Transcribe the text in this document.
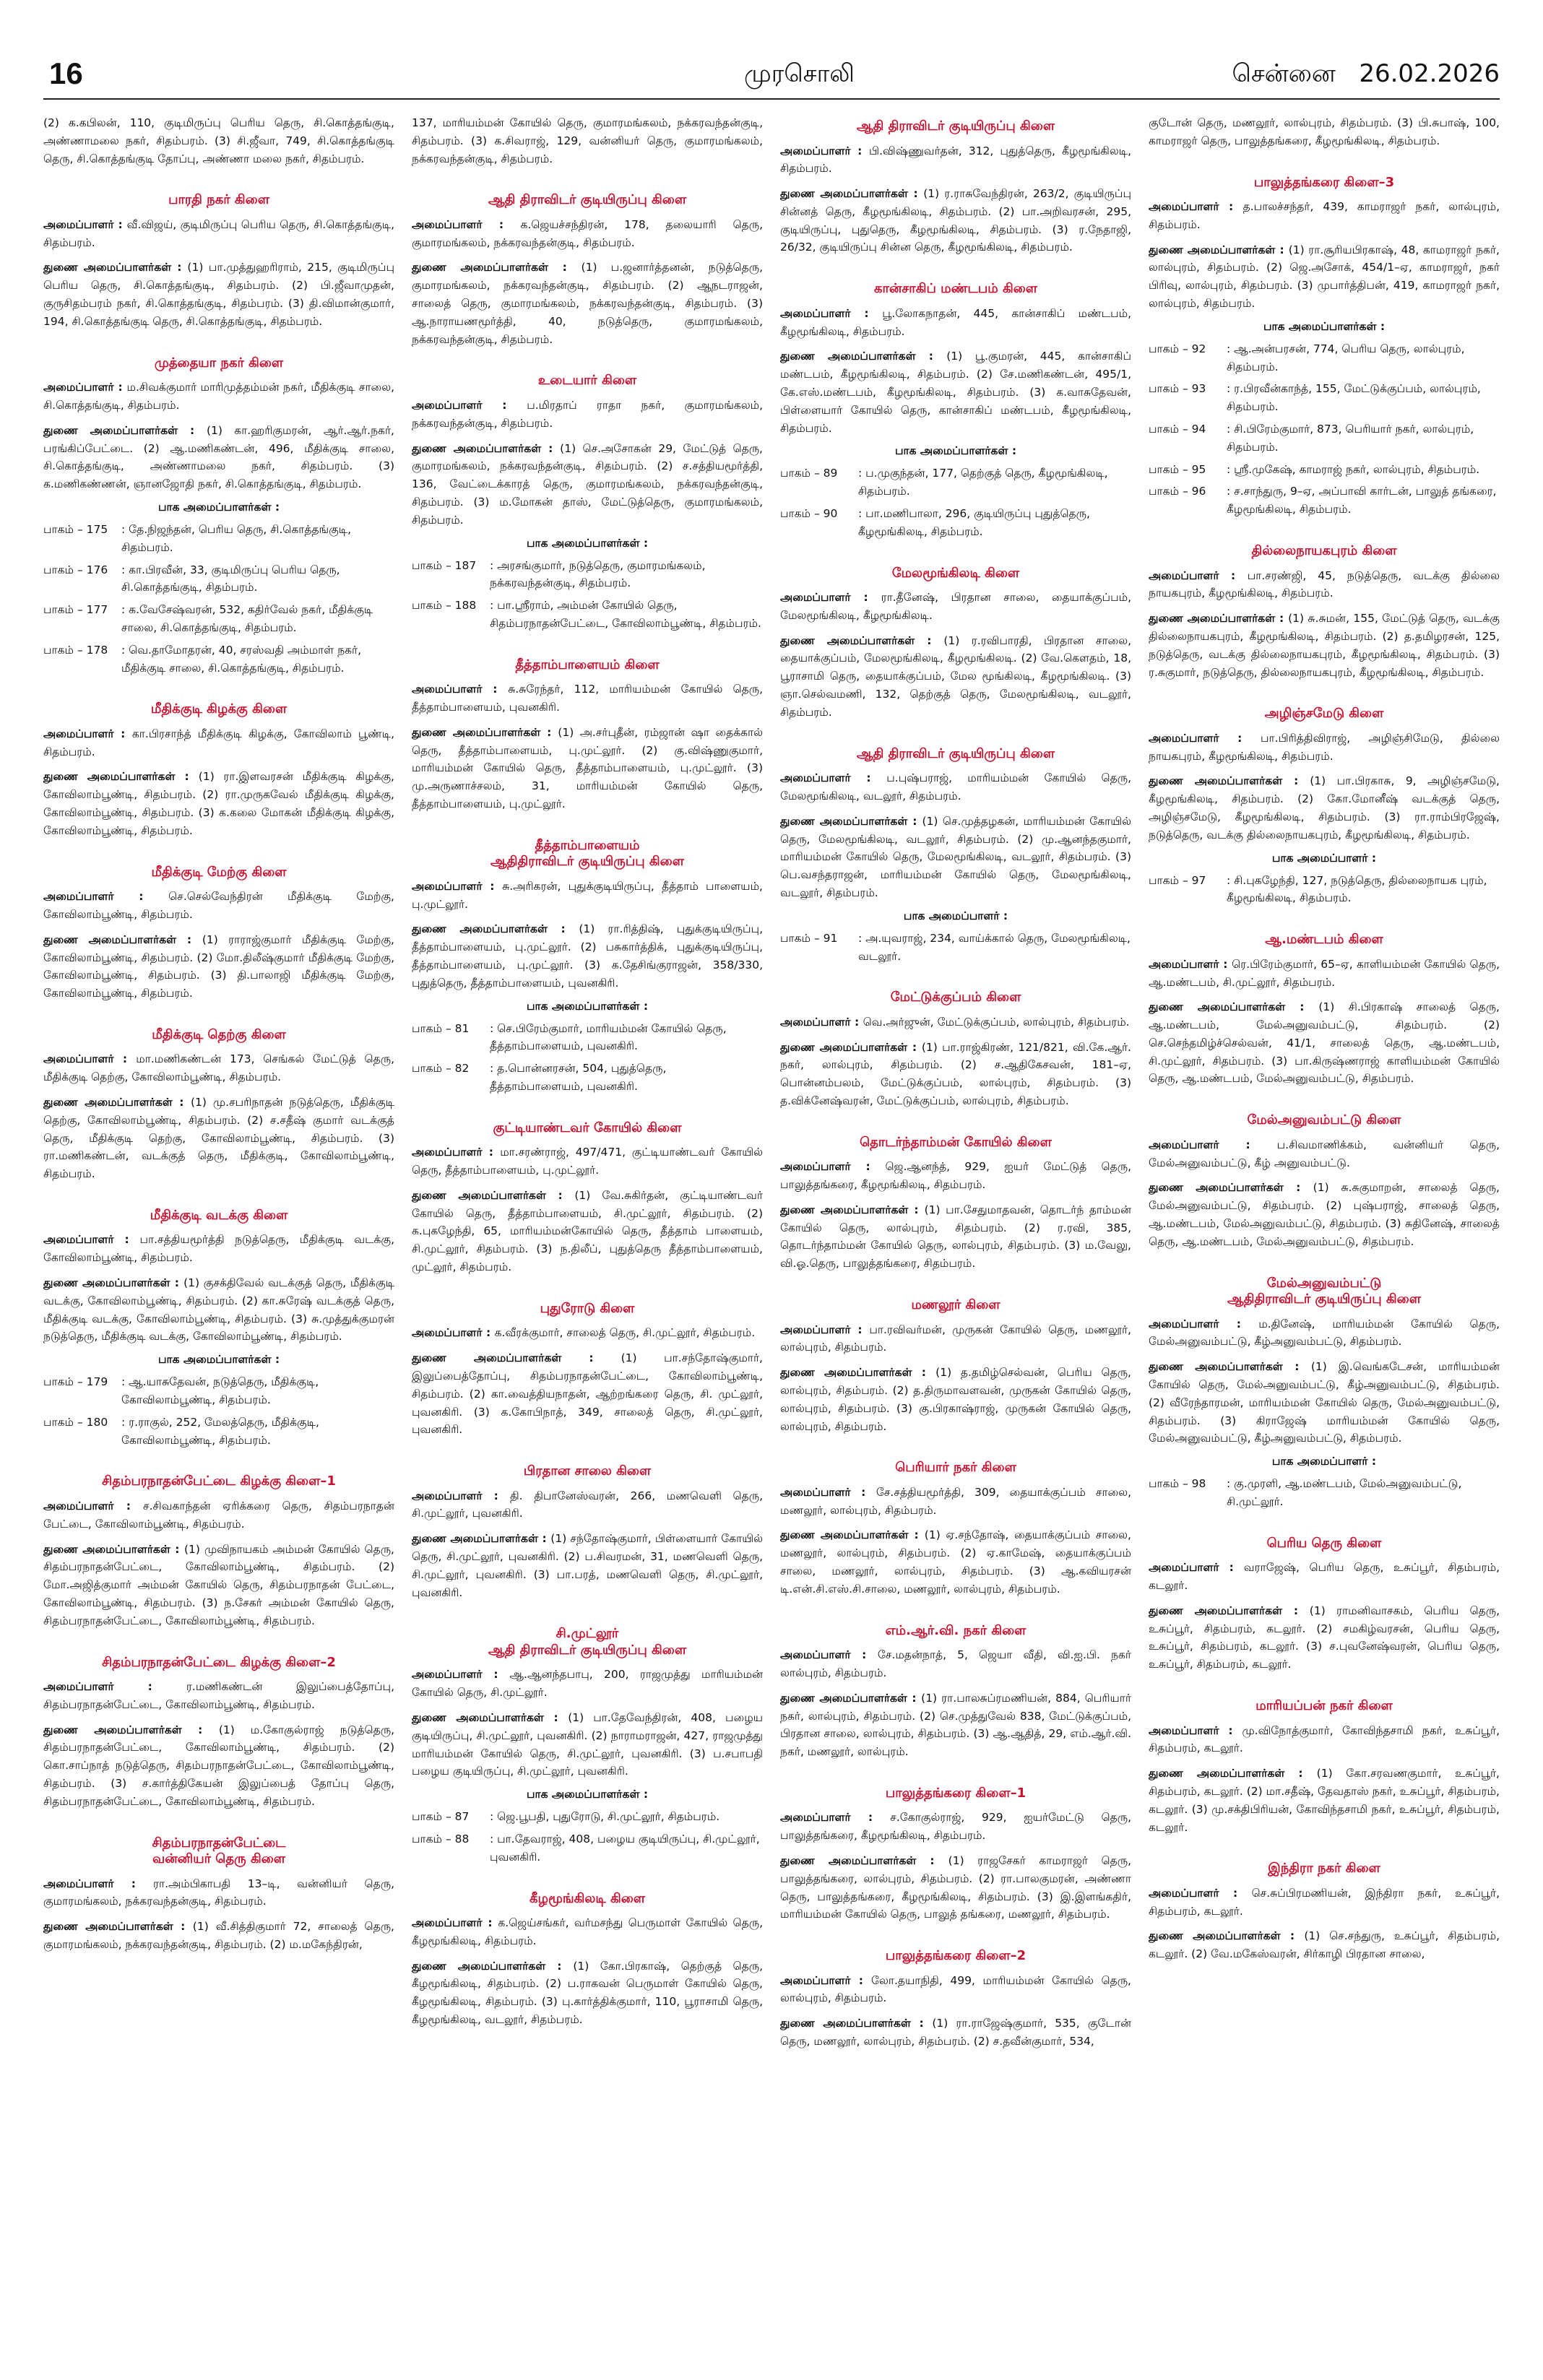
16	முரசொலி	சென்னை 26.02.2026

(2) க.கபிலன், 110, குடிமிருப்பு பெரிய தெரு, சி.கொத்தங்குடி, அண்ணாமலை நகர், சிதம்பரம். (3) சி.ஜீவா, 749, சி.கொத்தங்குடி தெரு, சி.கொத்தங்குடி தோப்பு, அண்ணா மலை நகர், சிதம்பரம்.

பாரதி நகர் கிளை

அமைப்பாளர் : வீ.விஜய், குடிமிருப்பு பெரிய தெரு, சி.கொத்தங்குடி, சிதம்பரம்.

துணை அமைப்பாளர்கள் : (1) பா.முத்துஹரிராம், 215, குடிமிருப்பு பெரிய தெரு, சி.கொத்தங்குடி, சிதம்பரம். (2) பி.ஜீவாமுதன், குருசிதம்பரம் நகர், சி.கொத்தங்குடி, சிதம்பரம். (3) தி.விமான்குமார், 194, சி.கொத்தங்குடி தெரு, சி.கொத்தங்குடி, சிதம்பரம்.

முத்தையா நகர் கிளை

அமைப்பாளர் : ம.சிவக்குமார் மாரிமுத்தம்மன் நகர், மீதிக்குடி சாலை, சி.கொத்தங்குடி, சிதம்பரம்.

துணை அமைப்பாளர்கள் : (1) கா.ஹரிகுமரன், ஆர்.ஆர்.நகர், பரங்கிப்பேட்டை. (2) ஆ.மணிகண்டன், 496, மீதிக்குடி சாலை, சி.கொத்தங்குடி, அண்ணாமலை நகர், சிதம்பரம். (3) க.மணிகண்ணன், ஞானஜோதி நகர், சி.கொத்தங்குடி, சிதம்பரம்.

பாக அமைப்பாளர்கள் :
பாகம் – 175	: தே.நிஜந்தன், பெரிய தெரு, சி.கொத்தங்குடி, சிதம்பரம்.
பாகம் – 176	: கா.பிரவீன், 33, குடிமிருப்பு பெரிய தெரு, சி.கொத்தங்குடி, சிதம்பரம்.
பாகம் – 177	: க.வேசேஷ்வரன், 532, கதிர்வேல் நகர், மீதிக்குடி சாலை, சி.கொத்தங்குடி, சிதம்பரம்.
பாகம் – 178	: வெ.தாமோதரன், 40, சரஸ்வதி அம்மாள் நகர், மீதிக்குடி சாலை, சி.கொத்தங்குடி, சிதம்பரம்.
மீதிக்குடி கிழக்கு கிளை

அமைப்பாளர் : கா.பிரசாந்த் மீதிக்குடி கிழக்கு, கோவிலாம் பூண்டி, சிதம்பரம்.

துணை அமைப்பாளர்கள் : (1) ரா.இளவரசன் மீதிக்குடி கிழக்கு, கோவிலாம்பூண்டி, சிதம்பரம். (2) ரா.முருகவேல் மீதிக்குடி கிழக்கு, கோவிலாம்பூண்டி, சிதம்பரம். (3) க.கலை மோகன் மீதிக்குடி கிழக்கு, கோவிலாம்பூண்டி, சிதம்பரம்.

மீதிக்குடி மேற்கு கிளை

அமைப்பாளர் : செ.செல்வேந்திரன் மீதிக்குடி மேற்கு, கோவிலாம்பூண்டி, சிதம்பரம்.

துணை அமைப்பாளர்கள் : (1) ராராஜ்குமார் மீதிக்குடி மேற்கு, கோவிலாம்பூண்டி, சிதம்பரம். (2) மோ.திலீஷ்குமார் மீதிக்குடி மேற்கு, கோவிலாம்பூண்டி, சிதம்பரம். (3) தி.பாலாஜி மீதிக்குடி மேற்கு, கோவிலாம்பூண்டி, சிதம்பரம்.

மீதிக்குடி தெற்கு கிளை

அமைப்பாளர் : மா.மணிகண்டன் 173, செங்கல் மேட்டுத் தெரு, மீதிக்குடி தெற்கு, கோவிலாம்பூண்டி, சிதம்பரம்.

துணை அமைப்பாளர்கள் : (1) மு.சபரிநாதன் நடுத்தெரு, மீதிக்குடி தெற்கு, கோவிலாம்பூண்டி, சிதம்பரம். (2) ச.சதீஷ் குமார் வடக்குத் தெரு, மீதிக்குடி தெற்கு, கோவிலாம்பூண்டி, சிதம்பரம். (3) ரா.மணிகண்டன், வடக்குத் தெரு, மீதிக்குடி, கோவிலாம்பூண்டி, சிதம்பரம்.

மீதிக்குடி வடக்கு கிளை

அமைப்பாளர் : பா.சத்தியமூர்த்தி நடுத்தெரு, மீதிக்குடி வடக்கு, கோவிலாம்பூண்டி, சிதம்பரம்.

துணை அமைப்பாளர்கள் : (1) குசக்திவேல் வடக்குத் தெரு, மீதிக்குடி வடக்கு, கோவிலாம்பூண்டி, சிதம்பரம். (2) கா.சுரேஷ் வடக்குத் தெரு, மீதிக்குடி வடக்கு, கோவிலாம்பூண்டி, சிதம்பரம். (3) சு.முத்துக்குமரன் நடுத்தெரு, மீதிக்குடி வடக்கு, கோவிலாம்பூண்டி, சிதம்பரம்.

பாக அமைப்பாளர்கள் :
பாகம் – 179	: ஆ.யாசுதேவன், நடுத்தெரு, மீதிக்குடி, கோவிலாம்பூண்டி, சிதம்பரம்.
பாகம் – 180	: ர.ராகுல், 252, மேலத்தெரு, மீதிக்குடி, கோவிலாம்பூண்டி, சிதம்பரம்.
சிதம்பரநாதன்பேட்டை கிழக்கு கிளை–1

அமைப்பாளர் : ச.சிவகாந்தன் ஏரிக்கரை தெரு, சிதம்பரநாதன் பேட்டை, கோவிலாம்பூண்டி, சிதம்பரம்.

துணை அமைப்பாளர்கள் : (1) முவிநாயகம் அம்மன் கோயில் தெரு, சிதம்பரநாதன்பேட்டை, கோவிலாம்பூண்டி, சிதம்பரம். (2) மோ.அஜித்குமார் அம்மன் கோயில் தெரு, சிதம்பரநாதன் பேட்டை, கோவிலாம்பூண்டி, சிதம்பரம். (3) ந.சேகர் அம்மன் கோயில் தெரு, சிதம்பரநாதன்பேட்டை, கோவிலாம்பூண்டி, சிதம்பரம்.

சிதம்பரநாதன்பேட்டை கிழக்கு கிளை–2

அமைப்பாளர் : ர.மணிகண்டன் இலுப்பைத்தோப்பு, சிதம்பரநாதன்பேட்டை, கோவிலாம்பூண்டி, சிதம்பரம்.

துணை அமைப்பாளர்கள் : (1) ம.கோகுல்ராஜ் நடுத்தெரு, சிதம்பரநாதன்பேட்டை, கோவிலாம்பூண்டி, சிதம்பரம். (2) கொ.சாப்நாத் நடுத்தெரு, சிதம்பரநாதன்பேட்டை, கோவிலாம்பூண்டி, சிதம்பரம். (3) ச.கார்த்திகேயன் இலுப்பைத் தோப்பு தெரு, சிதம்பரநாதன்பேட்டை, கோவிலாம்பூண்டி, சிதம்பரம்.

சிதம்பரநாதன்பேட்டை
வன்னியர் தெரு கிளை

அமைப்பாளர் : ரா.அம்பிகாபதி 13–டி, வன்னியர் தெரு, குமாரமங்கலம், நக்கரவந்தன்குடி, சிதம்பரம்.

துணை அமைப்பாளர்கள் : (1) வீ.சித்திகுமார் 72, சாலைத் தெரு, குமாரமங்கலம், நக்கரவந்தன்குடி, சிதம்பரம். (2) ம.மகேந்திரன்,

137, மாரியம்மன் கோயில் தெரு, குமாரமங்கலம், நக்கரவந்தன்குடி, சிதம்பரம். (3) க.சிவராஜ், 129, வன்னியர் தெரு, குமாரமங்கலம், நக்கரவந்தன்குடி, சிதம்பரம்.

ஆதி திராவிடர் குடியிருப்பு கிளை

அமைப்பாளர் : க.ஜெயச்சந்திரன், 178, தலையாரி தெரு, குமாரமங்கலம், நக்கரவந்தன்குடி, சிதம்பரம்.

துணை அமைப்பாளர்கள் : (1) ப.ஜனார்த்தனன், நடுத்தெரு, குமாரமங்கலம், நக்கரவந்தன்குடி, சிதம்பரம். (2) ஆநடராஜன், சாலைத் தெரு, குமாரமங்கலம், நக்கரவந்தன்குடி, சிதம்பரம். (3) ஆ.நாராயணமூர்த்தி, 40, நடுத்தெரு, குமாரமங்கலம், நக்கரவந்தன்குடி, சிதம்பரம்.

உடையார் கிளை

அமைப்பாளர் : ப.மிரதாப் ராதா நகர், குமாரமங்கலம், நக்கரவந்தன்குடி, சிதம்பரம்.

துணை அமைப்பாளர்கள் : (1) செ.அசோகன் 29, மேட்டுத் தெரு, குமாரமங்கலம், நக்கரவந்தன்குடி, சிதம்பரம். (2) ச.சத்தியமூர்த்தி, 136, வேட்டைக்காரத் தெரு, குமாரமங்கலம், நக்கரவந்தன்குடி, சிதம்பரம். (3) ம.மோகன் தாஸ், மேட்டுத்தெரு, குமாரமங்கலம், சிதம்பரம்.

பாக அமைப்பாளர்கள் :
பாகம் – 187	: அரசங்குமார், நடுத்தெரு, குமாரமங்கலம், நக்கரவந்தன்குடி, சிதம்பரம்.
பாகம் – 188	: பா.ஸ்ரீராம், அம்மன் கோயில் தெரு, சிதம்பரநாதன்பேட்டை, கோவிலாம்பூண்டி, சிதம்பரம்.
தீத்தாம்பாளையம் கிளை

அமைப்பாளர் : சு.சுரேந்தர், 112, மாரியம்மன் கோயில் தெரு, தீத்தாம்பாளையம், புவனகிரி.

துணை அமைப்பாளர்கள் : (1) அ.சர்புதீன், ரம்ஜான் ஷா தைக்கால் தெரு, தீத்தாம்பாளையம், பு.முட்லூர். (2) கு.விஷ்ணுகுமார், மாரியம்மன் கோயில் தெரு, தீத்தாம்பாளையம், பு.முட்லூர். (3) மு.அருணாச்சலம், 31, மாரியம்மன் கோயில் தெரு, தீத்தாம்பாளையம், பு.முட்லூர்.

தீத்தாம்பாளையம்
ஆதிதிராவிடர் குடியிருப்பு கிளை

அமைப்பாளர் : சு.அரிகரன், புதுக்குடியிருப்பு, தீத்தாம் பாளையம், பு.முட்லூர்.

துணை அமைப்பாளர்கள் : (1) ரா.ரித்திஷ், புதுக்குடியிருப்பு, தீத்தாம்பாளையம், பு.முட்லூர். (2) பசுகார்த்திக், புதுக்குடியிருப்பு, தீத்தாம்பாளையம், பு.முட்லூர். (3) க.தேசிங்குராஜன், 358/330, புதுத்தெரு, தீத்தாம்பாளையம், புவனகிரி.

பாக அமைப்பாளர்கள் :
பாகம் – 81	: செ.பிரேம்குமார், மாரியம்மன் கோயில் தெரு, தீத்தாம்பாளையம், புவனகிரி.
பாகம் – 82	: த.பொன்னரசன், 504, புதுத்தெரு, தீத்தாம்பாளையம், புவனகிரி.
குட்டியாண்டவர் கோயில் கிளை

அமைப்பாளர் : மா.சரண்ராஜ், 497/471, குட்டியாண்டவர் கோயில் தெரு, தீத்தாம்பாளையம், பு.முட்லூர்.

துணை அமைப்பாளர்கள் : (1) வே.சுகிர்தன், குட்டியாண்டவர் கோயில் தெரு, தீத்தாம்பாளையம், சி.முட்லூர், சிதம்பரம். (2) க.புகழேந்தி, 65, மாரியம்மன்கோயில் தெரு, தீத்தாம் பாளையம், சி.முட்லூர், சிதம்பரம். (3) ந.திலீப், புதுத்தெரு தீத்தாம்பாளையம், முட்லூர், சிதம்பரம்.

புதுரோடு கிளை

அமைப்பாளர் : க.வீரக்குமார், சாலைத் தெரு, சி.முட்லூர், சிதம்பரம்.

துணை அமைப்பாளர்கள் : (1) பா.சந்தோஷ்குமார், இலுப்பைத்தோப்பு, சிதம்பரநாதன்பேட்டை, கோவிலாம்பூண்டி, சிதம்பரம். (2) கா.வைத்தியநாதன், ஆற்றங்கரை தெரு, சி. முட்லூர், புவனகிரி. (3) க.கோபிநாத், 349, சாலைத் தெரு, சி.முட்லூர், புவனகிரி.

பிரதான சாலை கிளை

அமைப்பாளர் : தி. திபானேஸ்வரன், 266, மணவெளி தெரு, சி.முட்லூர், புவனகிரி.

துணை அமைப்பாளர்கள் : (1) சந்தோஷ்குமார், பிள்ளையார் கோயில் தெரு, சி.முட்லூர், புவனகிரி. (2) ப.சிவரமன், 31, மணவெளி தெரு, சி.முட்லூர், புவனகிரி. (3) பா.பரத், மணவெளி தெரு, சி.முட்லூர், புவனகிரி.

சி.முட்லூர்
ஆதி திராவிடர் குடியிருப்பு கிளை

அமைப்பாளர் : ஆ.ஆனந்தபாபு, 200, ராஜமுத்து மாரியம்மன் கோயில் தெரு, சி.முட்லூர்.

துணை அமைப்பாளர்கள் : (1) பா.தேவேந்திரன், 408, பழைய குடியிருப்பு, சி.முட்லூர், புவனகிரி. (2) நாராமராஜன், 427, ராஜமுத்து மாரியம்மன் கோயில் தெரு, சி.முட்லூர், புவனகிரி. (3) ப.சபாபதி பழைய குடியிருப்பு, சி.முட்லூர், புவனகிரி.

பாக அமைப்பாளர்கள் :
பாகம் – 87	: ஜெ.பூபதி, புதுரோடு, சி.முட்லூர், சிதம்பரம்.
பாகம் – 88	: பா.தேவராஜ், 408, பழைய குடியிருப்பு, சி.முட்லூர், புவனகிரி.
கீழமூங்கிலடி கிளை

அமைப்பாளர் : க.ஜெய்சங்கர், வர்மசந்து பெருமாள் கோயில் தெரு, கீழமூங்கிலடி, சிதம்பரம்.

துணை அமைப்பாளர்கள் : (1) கோ.பிரகாஷ், தெற்குத் தெரு, கீழமூங்கிலடி, சிதம்பரம். (2) ப.ராகவன் பெருமாள் கோயில் தெரு, கீழமூங்கிலடி, சிதம்பரம். (3) பு.கார்த்திக்குமார், 110, பூராசாமி தெரு, கீழமூங்கிலடி, வடலூர், சிதம்பரம்.

ஆதி திராவிடர் குடியிருப்பு கிளை

அமைப்பாளர் : பி.விஷ்ணுவர்தன், 312, புதுத்தெரு, கீழமூங்கிலடி, சிதம்பரம்.

துணை அமைப்பாளர்கள் : (1) ர.ராசுவேந்திரன், 263/2, குடியிருப்பு சின்னத் தெரு, கீழமூங்கிலடி, சிதம்பரம். (2) பா.அறிவரசன், 295, குடியிருப்பு, புதுதெரு, கீழமூங்கிலடி, சிதம்பரம். (3) ர.நேதாஜி, 26/32, குடியிருப்பு சின்ன தெரு, கீழமூங்கிலடி, சிதம்பரம்.

கான்சாகிப் மண்டபம் கிளை

அமைப்பாளர் : பூ.லோகநாதன், 445, கான்சாகிப் மண்டபம், கீழமூங்கிலடி, சிதம்பரம்.

துணை அமைப்பாளர்கள் : (1) பூ.குமரன், 445, கான்சாகிப் மண்டபம், கீழமூங்கிலடி, சிதம்பரம். (2) சே.மணிகண்டன், 495/1, கே.எஸ்.மண்டபம், கீழமூங்கிலடி, சிதம்பரம். (3) க.வாசுதேவன், பிள்ளையார் கோயில் தெரு, கான்சாகிப் மண்டபம், கீழமூங்கிலடி, சிதம்பரம்.

பாக அமைப்பாளர்கள் :
பாகம் – 89	: ப.முகுந்தன், 177, தெற்குத் தெரு, கீழமூங்கிலடி, சிதம்பரம்.
பாகம் – 90	: பா.மணிபாலா, 296, குடியிருப்பு புதுத்தெரு, கீழமூங்கிலடி, சிதம்பரம்.
மேலமூங்கிலடி கிளை

அமைப்பாளர் : ரா.தீனேஷ், பிரதான சாலை, தையாக்குப்பம், மேலமூங்கிலடி, கீழமூங்கிலடி.

துணை அமைப்பாளர்கள் : (1) ர.ரவிபாரதி, பிரதான சாலை, தையாக்குப்பம், மேலமூங்கிலடி, கீழமூங்கிலடி. (2) வே.கௌதம், 18, பூராசாமி தெரு, தையாக்குப்பம், மேல மூங்கிலடி, கீழமூங்கிலடி. (3) ஞா.செல்வமணி, 132, தெற்குத் தெரு, மேலமூங்கிலடி, வடலூர், சிதம்பரம்.

ஆதி திராவிடர் குடியிருப்பு கிளை

அமைப்பாளர் : ப.புஷ்பராஜ், மாரியம்மன் கோயில் தெரு, மேலமூங்கிலடி, வடலூர், சிதம்பரம்.

துணை அமைப்பாளர்கள் : (1) செ.முத்தழகன், மாரியம்மன் கோயில் தெரு, மேலமூங்கிலடி, வடலூர், சிதம்பரம். (2) மு.ஆனந்தகுமார், மாரியம்மன் கோயில் தெரு, மேலமூங்கிலடி, வடலூர், சிதம்பரம். (3) பெ.வசந்தராஜன், மாரியம்மன் கோயில் தெரு, மேலமூங்கிலடி, வடலூர், சிதம்பரம்.

பாக அமைப்பாளர் :
பாகம் – 91	: அ.யுவராஜ், 234, வாய்க்கால் தெரு, மேலமூங்கிலடி, வடலூர்.
மேட்டுக்குப்பம் கிளை

அமைப்பாளர் : வெ.அர்ஜுன், மேட்டுக்குப்பம், லால்புரம், சிதம்பரம்.

துணை அமைப்பாளர்கள் : (1) பா.ராஜ்கிரண், 121/821, வி.கே.ஆர். நகர், லால்புரம், சிதம்பரம். (2) ச.ஆதிகேசவன், 181–ஏ, பொன்னம்பலம், மேட்டுக்குப்பம், லால்புரம், சிதம்பரம். (3) த.விக்னேஷ்வரன், மேட்டுக்குப்பம், லால்புரம், சிதம்பரம்.

தொடர்ந்தாம்மன் கோயில் கிளை

அமைப்பாளர் : ஜெ.ஆனந்த், 929, ஐயர் மேட்டுத் தெரு, பாலுத்தங்கரை, கீழமூங்கிலடி, சிதம்பரம்.

துணை அமைப்பாளர்கள் : (1) பா.சேதுமாதவன், தொடர்ந் தாம்மன் கோயில் தெரு, லால்புரம், சிதம்பரம். (2) ர.ரவி, 385, தொடர்ந்தாம்மன் கோயில் தெரு, லால்புரம், சிதம்பரம். (3) ம.வேலு, வி.ஓ.தெரு, பாலுத்தங்கரை, சிதம்பரம்.

மணலூர் கிளை

அமைப்பாளர் : பா.ரவிவர்மன், முருகன் கோயில் தெரு, மணலூர், லால்புரம், சிதம்பரம்.

துணை அமைப்பாளர்கள் : (1) த.தமிழ்செல்வன், பெரிய தெரு, லால்புரம், சிதம்பரம். (2) த.திருமாவளவன், முருகன் கோயில் தெரு, லால்புரம், சிதம்பரம். (3) கு.பிரகாஷ்ராஜ், முருகன் கோயில் தெரு, லால்புரம், சிதம்பரம்.

பெரியார் நகர் கிளை

அமைப்பாளர் : சே.சத்தியமூர்த்தி, 309, தையாக்குப்பம் சாலை, மணலூர், லால்புரம், சிதம்பரம்.

துணை அமைப்பாளர்கள் : (1) ஏ.சந்தோஷ், தையாக்குப்பம் சாலை, மணலூர், லால்புரம், சிதம்பரம். (2) ஏ.காமேஷ், தையாக்குப்பம் சாலை, மணலூர், லால்புரம், சிதம்பரம். (3) ஆ.கவியரசன் டி.என்.சி.எஸ்.சி.சாலை, மணலூர், லால்புரம், சிதம்பரம்.

எம்.ஆர்.வி. நகர் கிளை

அமைப்பாளர் : சே.மதன்நாத், 5, ஜெயா வீதி, வி.ஐ.பி. நகர் லால்புரம், சிதம்பரம்.

துணை அமைப்பாளர்கள் : (1) ரா.பாலசுப்ரமணியன், 884, பெரியார் நகர், லால்புரம், சிதம்பரம். (2) செ.முத்துவேல் 838, மேட்டுக்குப்பம், பிரதான சாலை, லால்புரம், சிதம்பரம். (3) ஆ.ஆதித், 29, எம்.ஆர்.வி. நகர், மணலூர், லால்புரம்.

பாலுத்தங்கரை கிளை–1

அமைப்பாளர் : ச.கோகுல்ராஜ், 929, ஐயர்மேட்டு தெரு, பாலுத்தங்கரை, கீழமூங்கிலடி, சிதம்பரம்.

துணை அமைப்பாளர்கள் : (1) ராஜசேகர் காமராஜர் தெரு, பாலுத்தங்கரை, லால்புரம், சிதம்பரம். (2) ரா.பாலகுமரன், அண்ணா தெரு, பாலுத்தங்கரை, கீழமூங்கிலடி, சிதம்பரம். (3) இ.இளங்கதிர், மாரியம்மன் கோயில் தெரு, பாலுத் தங்கரை, மணலூர், சிதம்பரம்.

பாலுத்தங்கரை கிளை–2

அமைப்பாளர் : லோ.தயாநிதி, 499, மாரியம்மன் கோயில் தெரு, லால்புரம், சிதம்பரம்.

துணை அமைப்பாளர்கள் : (1) ரா.ராஜேஷ்குமார், 535, குடோன் தெரு, மணலூர், லால்புரம், சிதம்பரம். (2) ச.தவீன்குமார், 534,

குடோன் தெரு, மணலூர், லால்புரம், சிதம்பரம். (3) பி.சுபாஷ், 100, காமராஜர் தெரு, பாலுத்தங்கரை, கீழமூங்கிலடி, சிதம்பரம்.

பாலுத்தங்கரை கிளை–3

அமைப்பாளர் : த.பாலச்சந்தர், 439, காமராஜர் நகர், லால்புரம், சிதம்பரம்.

துணை அமைப்பாளர்கள் : (1) ரா.சூரியபிரகாஷ், 48, காமராஜர் நகர், லால்புரம், சிதம்பரம். (2) ஜெ.அசோக், 454/1–ஏ, காமராஜர், நகர் பிரிவு, லால்புரம், சிதம்பரம். (3) முபார்த்திபன், 419, காமராஜர் நகர், லால்புரம், சிதம்பரம்.

பாக அமைப்பாளர்கள் :
பாகம் – 92	: ஆ.அன்பரசன், 774, பெரிய தெரு, லால்புரம், சிதம்பரம்.
பாகம் – 93	: ர.பிரவீன்காந்த், 155, மேட்டுக்குப்பம், லால்புரம், சிதம்பரம்.
பாகம் – 94	: சி.பிரேம்குமார், 873, பெரியார் நகர், லால்புரம், சிதம்பரம்.
பாகம் – 95	: ஸ்ரீ.முகேஷ், காமராஜ் நகர், லால்புரம், சிதம்பரம்.
பாகம் – 96	: ச.சாந்துரு, 9–ஏ, அப்பாவி கார்டன், பாலுத் தங்கரை, கீழமூங்கிலடி, சிதம்பரம்.
தில்லைநாயகபுரம் கிளை

அமைப்பாளர் : பா.சரண்ஜி, 45, நடுத்தெரு, வடக்கு தில்லை நாயகபுரம், கீழமூங்கிலடி, சிதம்பரம்.

துணை அமைப்பாளர்கள் : (1) சு.சுமன், 155, மேட்டுத் தெரு, வடக்கு தில்லைநாயகபுரம், கீழமூங்கிலடி, சிதம்பரம். (2) த.தமிழரசன், 125, நடுத்தெரு, வடக்கு தில்லைநாயகபுரம், கீழமூங்கிலடி, சிதம்பரம். (3) ர.சுகுமார், நடுத்தெரு, தில்லைநாயகபுரம், கீழமூங்கிலடி, சிதம்பரம்.

அழிஞ்சமேடு கிளை

அமைப்பாளர் : பா.பிரித்திவிராஜ், அழிஞ்சிமேடு, தில்லை நாயகபுரம், கீழமூங்கிலடி, சிதம்பரம்.

துணை அமைப்பாளர்கள் : (1) பா.பிரகாசு, 9, அழிஞ்சமேடு, கீழமூங்கிலடி, சிதம்பரம். (2) கோ.மோனீஷ் வடக்குத் தெரு, அழிஞ்சமேடு, கீழமூங்கிலடி, சிதம்பரம். (3) ரா.ராம்பிரஜேஷ், நடுத்தெரு, வடக்கு தில்லைநாயகபுரம், கீழமூங்கிலடி, சிதம்பரம்.

பாக அமைப்பாளர் :
பாகம் – 97	: சி.புகழேந்தி, 127, நடுத்தெரு, தில்லைநாயக புரம், கீழமூங்கிலடி, சிதம்பரம்.
ஆ.மண்டபம் கிளை

அமைப்பாளர் : ரெ.பிரேம்குமார், 65–ஏ, காளியம்மன் கோயில் தெரு, ஆ.மண்டபம், சி.முட்லூர், சிதம்பரம்.

துணை அமைப்பாளர்கள் : (1) சி.பிரகாஷ் சாலைத் தெரு, ஆ.மண்டபம், மேல்அனுவம்பட்டு, சிதம்பரம். (2) செ.செந்தமிழ்ச்செல்வன், 41/1, சாலைத் தெரு, ஆ.மண்டபம், சி.முட்லூர், சிதம்பரம். (3) பா.கிருஷ்ணராஜ் காளியம்மன் கோயில் தெரு, ஆ.மண்டபம், மேல்அனுவம்பட்டு, சிதம்பரம்.

மேல்அனுவம்பட்டு கிளை

அமைப்பாளர் : ப.சிவமாணிக்கம், வன்னியர் தெரு, மேல்அனுவம்பட்டு, கீழ் அனுவம்பட்டு.

துணை அமைப்பாளர்கள் : (1) சு.சுகுமாறன், சாலைத் தெரு, மேல்அனுவம்பட்டு, சிதம்பரம். (2) புஷ்பராஜ், சாலைத் தெரு, ஆ.மண்டபம், மேல்அனுவம்பட்டு, சிதம்பரம். (3) சுதினேஷ், சாலைத் தெரு, ஆ.மண்டபம், மேல்அனுவம்பட்டு, சிதம்பரம்.

மேல்அனுவம்பட்டு
ஆதிதிராவிடர் குடியிருப்பு கிளை

அமைப்பாளர் : ம.தினேஷ், மாரியம்மன் கோயில் தெரு, மேல்அனுவம்பட்டு, கீழ்அனுவம்பட்டு, சிதம்பரம்.

துணை அமைப்பாளர்கள் : (1) இ.வெங்கடேசன், மாரியம்மன் கோயில் தெரு, மேல்அனுவம்பட்டு, கீழ்அனுவம்பட்டு, சிதம்பரம். (2) வீரேந்தாரமன், மாரியம்மன் கோயில் தெரு, மேல்அனுவம்பட்டு, சிதம்பரம். (3) கிராஜேஷ் மாரியம்மன் கோயில் தெரு, மேல்அனுவம்பட்டு, கீழ்அனுவம்பட்டு, சிதம்பரம்.

பாக அமைப்பாளர் :
பாகம் – 98	: கு.முரளி, ஆ.மண்டபம், மேல்அனுவம்பட்டு, சி.முட்லூர்.
பெரிய தெரு கிளை

அமைப்பாளர் : வராஜேஷ், பெரிய தெரு, உசுப்பூர், சிதம்பரம், கடலூர்.

துணை அமைப்பாளர்கள் : (1) ராமனிவாசகம், பெரிய தெரு, உசுப்பூர், சிதம்பரம், கடலூர். (2) சமகிழ்வரசன், பெரிய தெரு, உசுப்பூர், சிதம்பரம், கடலூர். (3) ச.புவனேஷ்வரன், பெரிய தெரு, உசுப்பூர், சிதம்பரம், கடலூர்.

மாரியப்பன் நகர் கிளை

அமைப்பாளர் : மு.விநோத்குமார், கோவிந்தசாமி நகர், உசுப்பூர், சிதம்பரம், கடலூர்.

துணை அமைப்பாளர்கள் : (1) கோ.சரவணகுமார், உசுப்பூர், சிதம்பரம், கடலூர். (2) மா.சதீஷ், தேவதாஸ் நகர், உசுப்பூர், சிதம்பரம், கடலூர். (3) மு.சக்திபிரியன், கோவிந்தசாமி நகர், உசுப்பூர், சிதம்பரம், கடலூர்.

இந்திரா நகர் கிளை

அமைப்பாளர் : செ.சுப்பிரமணியன், இந்திரா நகர், உசுப்பூர், சிதம்பரம், கடலூர்.

துணை அமைப்பாளர்கள் : (1) செ.சந்துரு, உசுப்பூர், சிதம்பரம், கடலூர். (2) வே.மகேஸ்வரன், சிர்காழி பிரதான சாலை,
